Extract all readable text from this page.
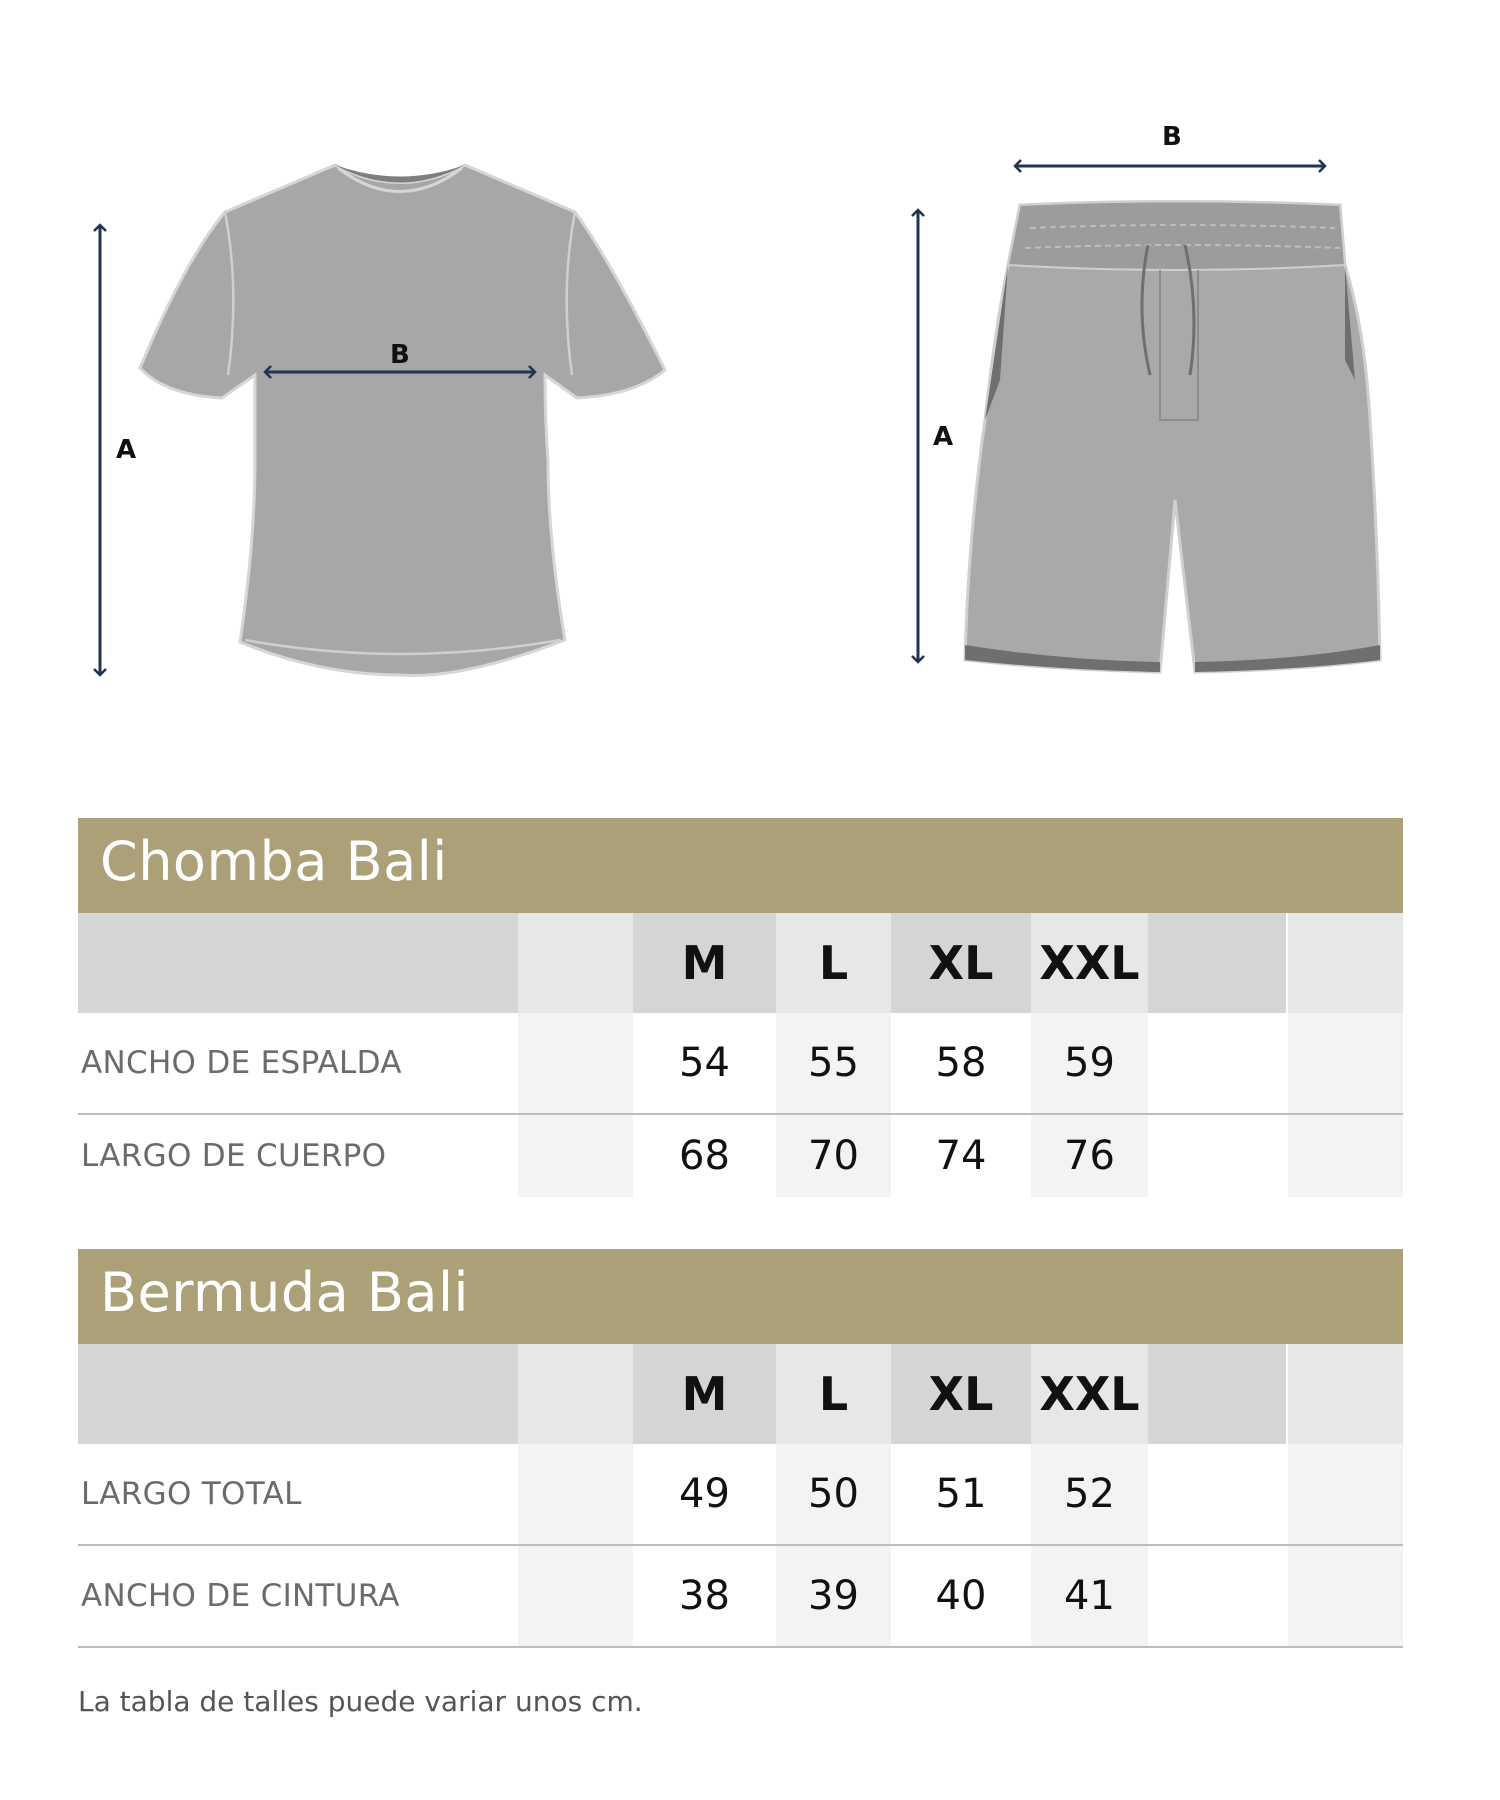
A
B
A
B
Chomba Bali
M L XL XXL
ANCHO DE ESPALDA	54 55 58 59
LARGO DE CUERPO	68 70 74 76
Bermuda Bali
M L XL XXL
LARGO TOTAL	49 50 51 52
ANCHO DE CINTURA	38 39 40 41
La tabla de talles puede variar unos cm.
